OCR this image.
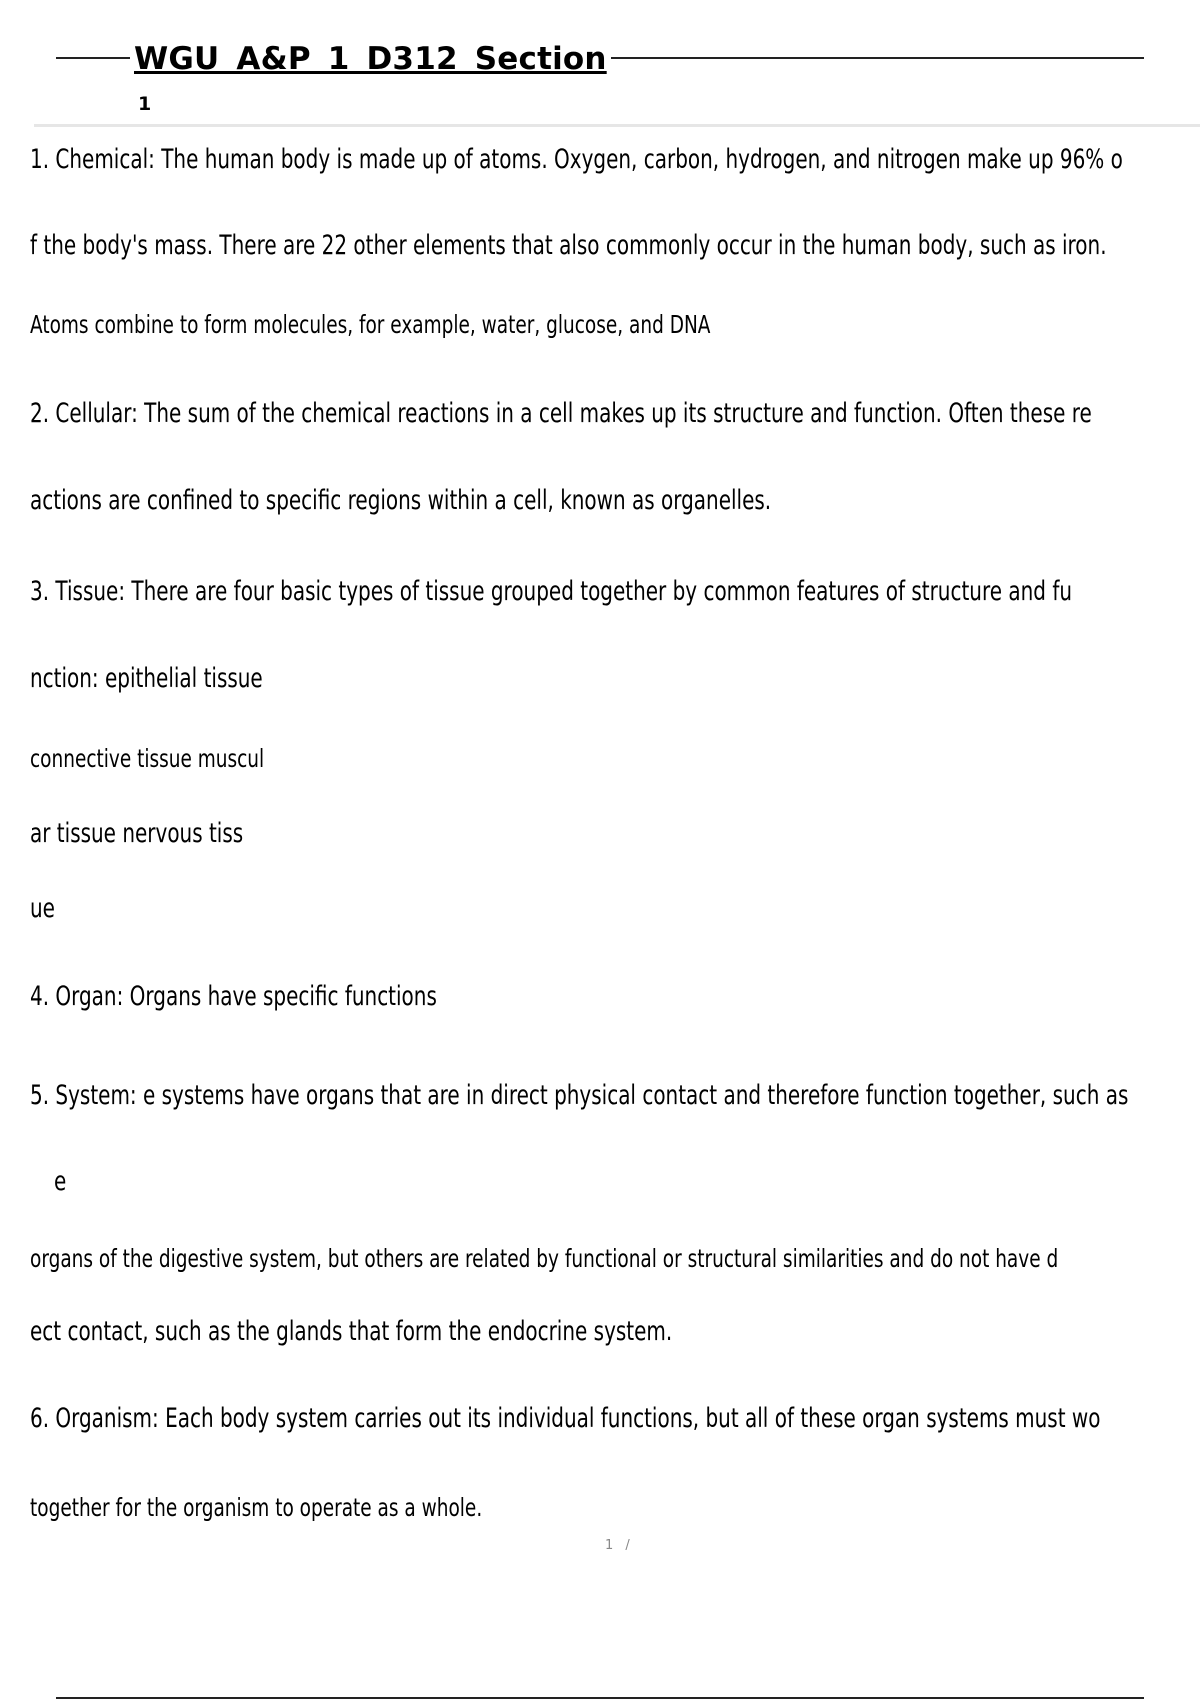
WGU A&P 1 D312 Section
1

1. Chemical: The human body is made up of atoms. Oxygen, carbon, hydrogen, and nitrogen make up 96% o

f the body's mass. There are 22 other elements that also commonly occur in the human body, such as iron.

Atoms combine to form molecules, for example, water, glucose, and DNA

2. Cellular: The sum of the chemical reactions in a cell makes up its structure and function. Often these re

actions are confined to specific regions within a cell, known as organelles.

3. Tissue: There are four basic types of tissue grouped together by common features of structure and fu

nction: epithelial tissue

connective tissue muscul

ar tissue nervous tiss

ue

4. Organ: Organs have specific functions

5. System: e systems have organs that are in direct physical contact and therefore function together, such as

e

organs of the digestive system, but others are related by functional or structural similarities and do not have d

ect contact, such as the glands that form the endocrine system.

6. Organism: Each body system carries out its individual functions, but all of these organ systems must wo

together for the organism to operate as a whole.

1 /
